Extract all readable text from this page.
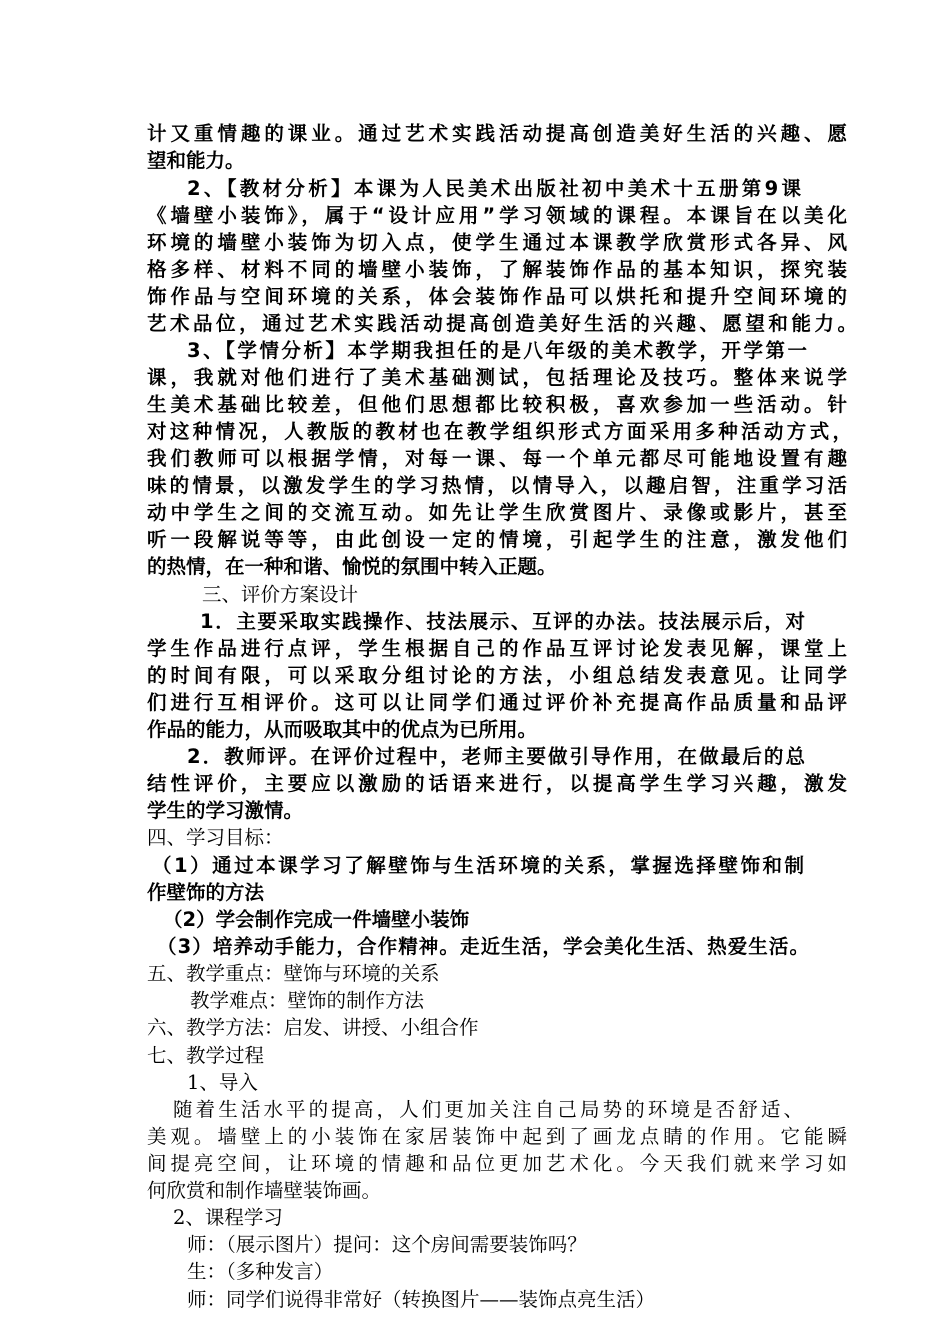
计又重情趣的课业。通过艺术实践活动提高创造美好生活的兴趣、愿
望和能力。
2、【教材分析】本课为人民美术出版社初中美术十五册第9课
《墙壁小装饰》，属于“设计应用”学习领域的课程。本课旨在以美化
环境的墙壁小装饰为切入点，使学生通过本课教学欣赏形式各异、风
格多样、材料不同的墙壁小装饰，了解装饰作品的基本知识，探究装
饰作品与空间环境的关系，体会装饰作品可以烘托和提升空间环境的
艺术品位，通过艺术实践活动提高创造美好生活的兴趣、愿望和能力。
3、【学情分析】本学期我担任的是八年级的美术教学，开学第一
课，我就对他们进行了美术基础测试，包括理论及技巧。整体来说学
生美术基础比较差，但他们思想都比较积极，喜欢参加一些活动。针
对这种情况，人教版的教材也在教学组织形式方面采用多种活动方式，
我们教师可以根据学情，对每一课、每一个单元都尽可能地设置有趣
味的情景，以激发学生的学习热情，以情导入，以趣启智，注重学习活
动中学生之间的交流互动。如先让学生欣赏图片、录像或影片，甚至
听一段解说等等，由此创设一定的情境，引起学生的注意，激发他们
的热情，在一种和谐、愉悦的氛围中转入正题。
三、评价方案设计
1．主要采取实践操作、技法展示、互评的办法。技法展示后，对
学生作品进行点评，学生根据自己的作品互评讨论发表见解，课堂上
的时间有限，可以采取分组讨论的方法，小组总结发表意见。让同学
们进行互相评价。这可以让同学们通过评价补充提高作品质量和品评
作品的能力，从而吸取其中的优点为已所用。
2．教师评。在评价过程中，老师主要做引导作用，在做最后的总
结性评价，主要应以激励的话语来进行，以提高学生学习兴趣，激发
学生的学习激情。
四、学习目标：
（1）通过本课学习了解壁饰与生活环境的关系，掌握选择壁饰和制
作壁饰的方法
（2）学会制作完成一件墙壁小装饰
（3）培养动手能力，合作精神。走近生活，学会美化生活、热爱生活。
五、教学重点：壁饰与环境的关系
教学难点：壁饰的制作方法
六、教学方法：启发、讲授、小组合作
七、教学过程
1、导入
随着生活水平的提高，人们更加关注自己局势的环境是否舒适、
美观。墙壁上的小装饰在家居装饰中起到了画龙点睛的作用。它能瞬
间提亮空间，让环境的情趣和品位更加艺术化。今天我们就来学习如
何欣赏和制作墙壁装饰画。
2、课程学习
师：（展示图片）提问：这个房间需要装饰吗？
生：（多种发言）
师：同学们说得非常好（转换图片——装饰点亮生活）
